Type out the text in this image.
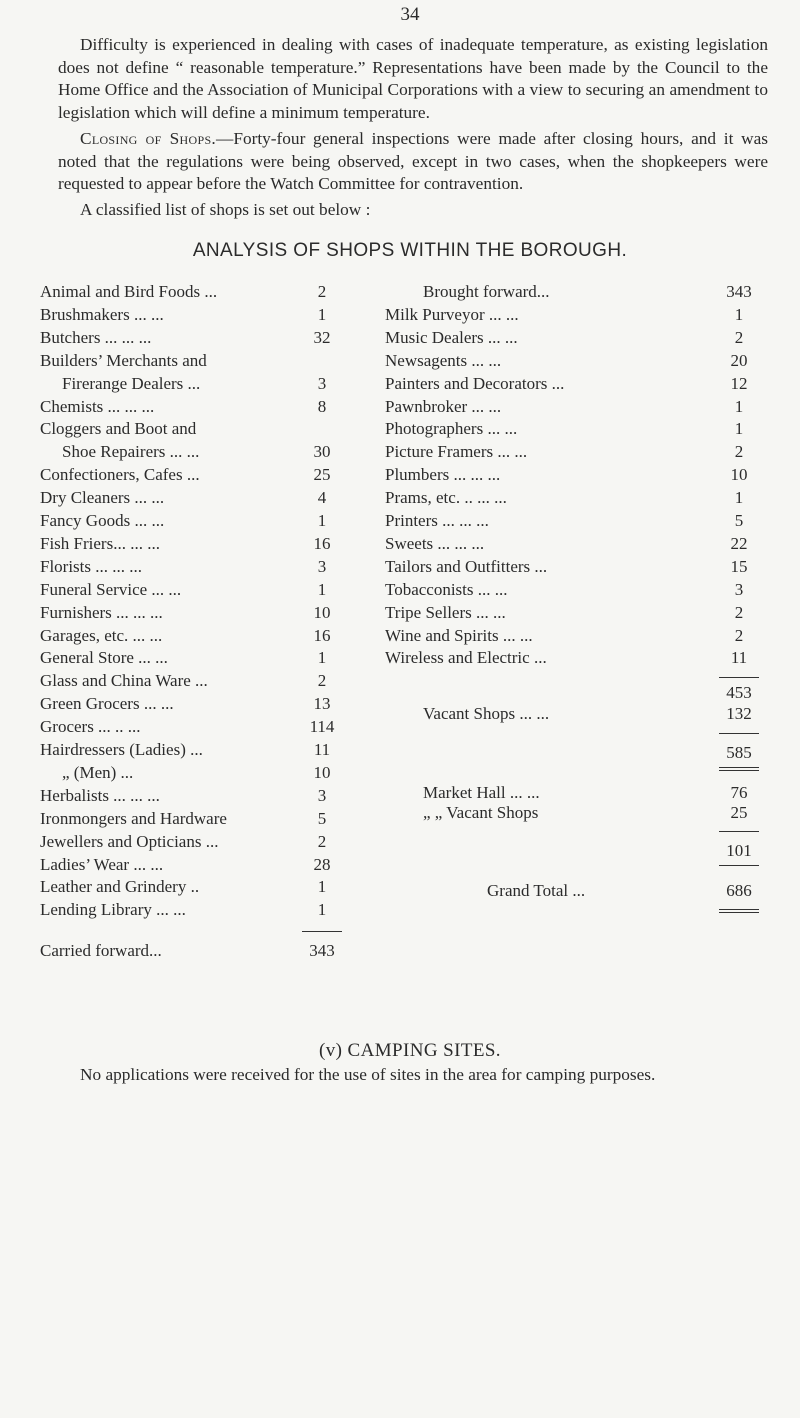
34
Difficulty is experienced in dealing with cases of inadequate temperature, as existing legislation does not define “ reasonable temperature.” Representations have been made by the Council to the Home Office and the Association of Municipal Corporations with a view to securing an amendment to legislation which will define a minimum temperature.
Closing of Shops.—Forty-four general inspections were made after closing hours, and it was noted that the regulations were being observed, except in two cases, when the shopkeepers were requested to appear before the Watch Committee for contravention.
A classified list of shops is set out below :
ANALYSIS OF SHOPS WITHIN THE BOROUGH.
Animal and Bird Foods ...	2
Brushmakers ... ...	1
Butchers ... ... ...	32
Builders’ Merchants and
Firerange Dealers ...	3
Chemists ... ... ...	8
Cloggers and Boot and
Shoe Repairers ... ...	30
Confectioners, Cafes ...	25
Dry Cleaners ... ...	4
Fancy Goods ... ...	1
Fish Friers... ... ...	16
Florists ... ... ...	3
Funeral Service ... ...	1
Furnishers ... ... ...	10
Garages, etc. ... ...	16
General Store ... ...	1
Glass and China Ware ...	2
Green Grocers ... ...	13
Grocers ... .. ...	114
Hairdressers (Ladies) ...	11
„ (Men) ...	10
Herbalists ... ... ...	3
Ironmongers and Hardware	5
Jewellers and Opticians ...	2
Ladies’ Wear ... ...	28
Leather and Grindery ..	1
Lending Library ... ...	1
Carried forward...	343
Brought forward...	343
Milk Purveyor ... ...	1
Music Dealers ... ...	2
Newsagents ... ...	20
Painters and Decorators ...	12
Pawnbroker ... ...	1
Photographers ... ...	1
Picture Framers ... ...	2
Plumbers ... ... ...	10
Prams, etc. .. ... ...	1
Printers ... ... ...	5
Sweets ... ... ...	22
Tailors and Outfitters ...	15
Tobacconists ... ...	3
Tripe Sellers ... ...	2
Wine and Spirits ... ...	2
Wireless and Electric ...	11
453
Vacant Shops ... ...	132
585
Market Hall ... ...	76
„ „ Vacant Shops	25
101
Grand Total ...	686
(v) CAMPING SITES.
No applications were received for the use of sites in the area for camping purposes.
